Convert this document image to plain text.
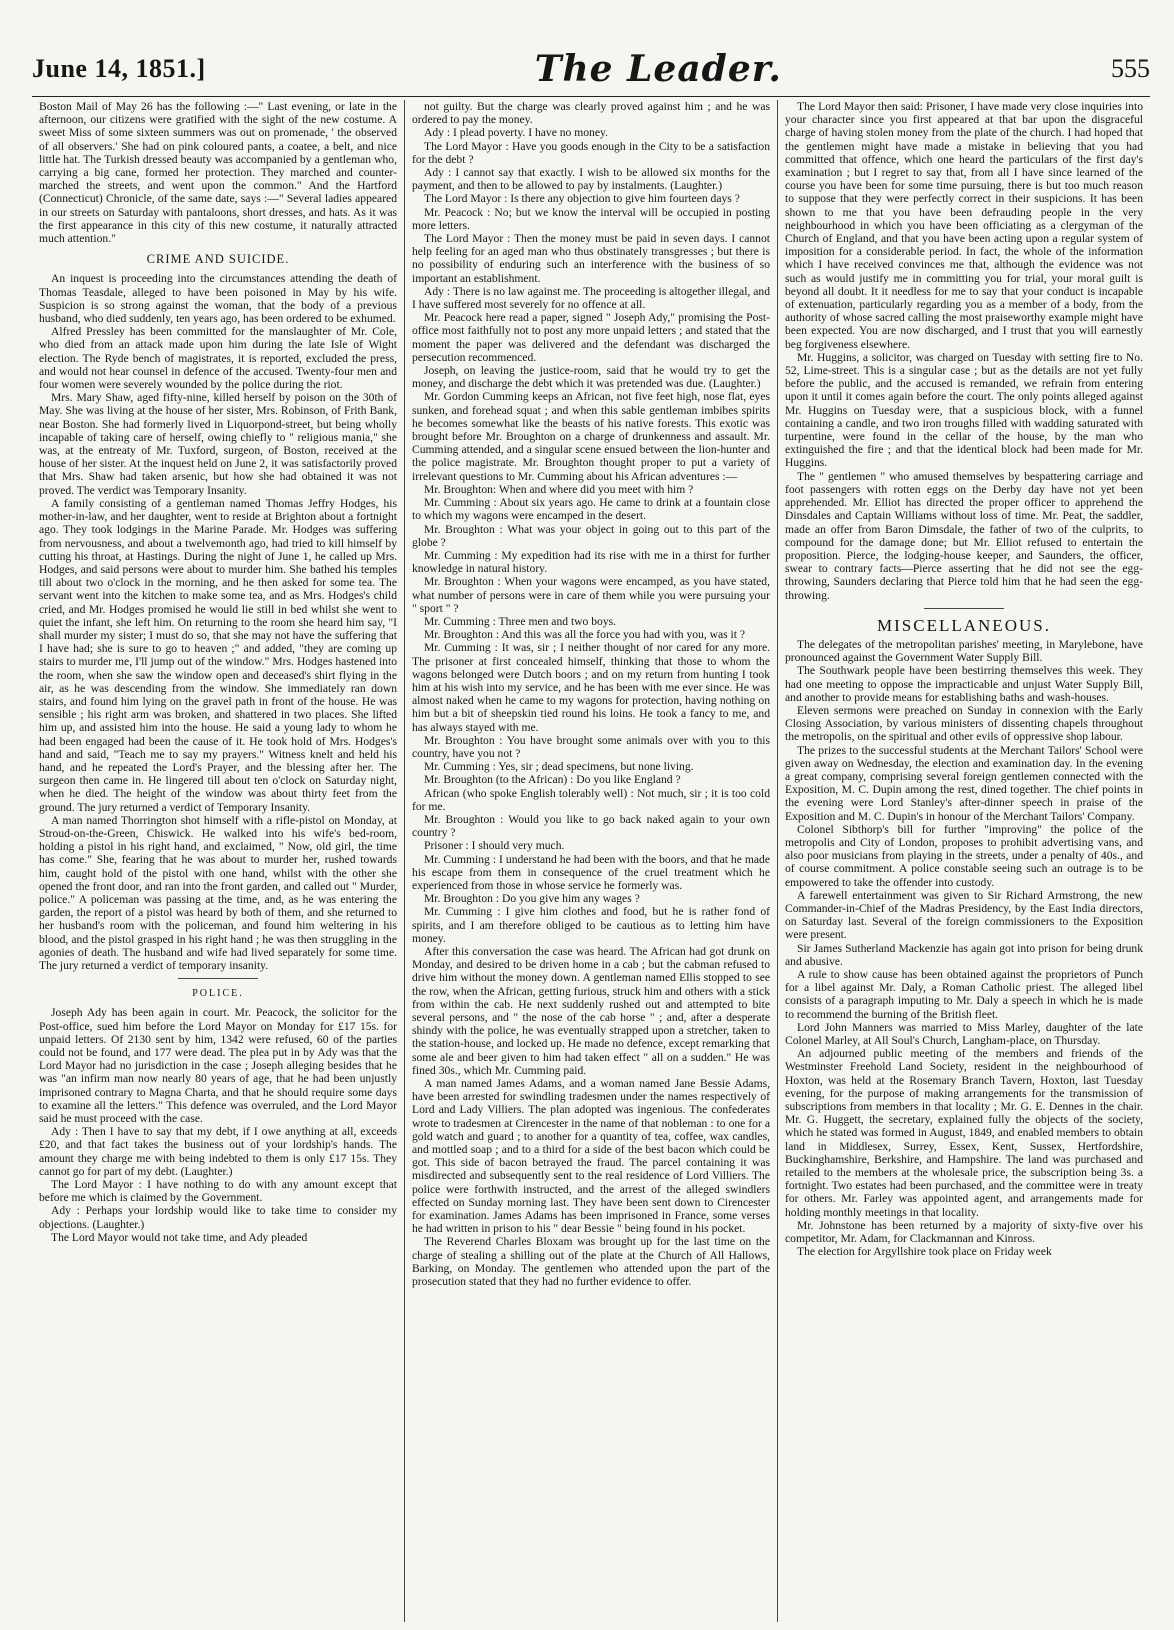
June 14, 1851.]	The Leader.	555

Boston Mail of May 26 has the following :—" Last evening, or late in the afternoon, our citizens were gratified with the sight of the new costume. A sweet Miss of some sixteen summers was out on promenade, ' the observed of all observers.' She had on pink coloured pants, a coatee, a belt, and nice little hat. The Turkish dressed beauty was accompanied by a gentleman who, carrying a big cane, formed her protection. They marched and counter-marched the streets, and went upon the common." And the Hartford (Connecticut) Chronicle, of the same date, says :—" Several ladies appeared in our streets on Saturday with pantaloons, short dresses, and hats. As it was the first appearance in this city of this new costume, it naturally attracted much attention."

CRIME AND SUICIDE.

An inquest is proceeding into the circumstances attending the death of Thomas Teasdale, alleged to have been poisoned in May by his wife. Suspicion is so strong against the woman, that the body of a previous husband, who died suddenly, ten years ago, has been ordered to be exhumed.

Alfred Pressley has been committed for the manslaughter of Mr. Cole, who died from an attack made upon him during the late Isle of Wight election. The Ryde bench of magistrates, it is reported, excluded the press, and would not hear counsel in defence of the accused. Twenty-four men and four women were severely wounded by the police during the riot.

Mrs. Mary Shaw, aged fifty-nine, killed herself by poison on the 30th of May. She was living at the house of her sister, Mrs. Robinson, of Frith Bank, near Boston. She had formerly lived in Liquorpond-street, but being wholly incapable of taking care of herself, owing chiefly to " religious mania," she was, at the entreaty of Mr. Tuxford, surgeon, of Boston, received at the house of her sister. At the inquest held on June 2, it was satisfactorily proved that Mrs. Shaw had taken arsenic, but how she had obtained it was not proved. The verdict was Temporary Insanity.

A family consisting of a gentleman named Thomas Jeffry Hodges, his mother-in-law, and her daughter, went to reside at Brighton about a fortnight ago. They took lodgings in the Marine Parade. Mr. Hodges was suffering from nervousness, and about a twelvemonth ago, had tried to kill himself by cutting his throat, at Hastings. During the night of June 1, he called up Mrs. Hodges, and said persons were about to murder him. She bathed his temples till about two o'clock in the morning, and he then asked for some tea. The servant went into the kitchen to make some tea, and as Mrs. Hodges's child cried, and Mr. Hodges promised he would lie still in bed whilst she went to quiet the infant, she left him. On returning to the room she heard him say, "I shall murder my sister; I must do so, that she may not have the suffering that I have had; she is sure to go to heaven ;" and added, "they are coming up stairs to murder me, I'll jump out of the window." Mrs. Hodges hastened into the room, when she saw the window open and deceased's shirt flying in the air, as he was descending from the window. She immediately ran down stairs, and found him lying on the gravel path in front of the house. He was sensible ; his right arm was broken, and shattered in two places. She lifted him up, and assisted him into the house. He said a young lady to whom he had been engaged had been the cause of it. He took hold of Mrs. Hodges's hand and said, "Teach me to say my prayers." Witness knelt and held his hand, and he repeated the Lord's Prayer, and the blessing after her. The surgeon then came in. He lingered till about ten o'clock on Saturday night, when he died. The height of the window was about thirty feet from the ground. The jury returned a verdict of Temporary Insanity.

A man named Thorrington shot himself with a rifle-pistol on Monday, at Stroud-on-the-Green, Chiswick. He walked into his wife's bed-room, holding a pistol in his right hand, and exclaimed, " Now, old girl, the time has come." She, fearing that he was about to murder her, rushed towards him, caught hold of the pistol with one hand, whilst with the other she opened the front door, and ran into the front garden, and called out " Murder, police." A policeman was passing at the time, and, as he was entering the garden, the report of a pistol was heard by both of them, and she returned to her husband's room with the policeman, and found him weltering in his blood, and the pistol grasped in his right hand ; he was then struggling in the agonies of death. The husband and wife had lived separately for some time. The jury returned a verdict of temporary insanity.

POLICE.

Joseph Ady has been again in court. Mr. Peacock, the solicitor for the Post-office, sued him before the Lord Mayor on Monday for £17 15s. for unpaid letters. Of 2130 sent by him, 1342 were refused, 60 of the parties could not be found, and 177 were dead. The plea put in by Ady was that the Lord Mayor had no jurisdiction in the case ; Joseph alleging besides that he was "an infirm man now nearly 80 years of age, that he had been unjustly imprisoned contrary to Magna Charta, and that he should require some days to examine all the letters." This defence was overruled, and the Lord Mayor said he must proceed with the case.

Ady : Then I have to say that my debt, if I owe anything at all, exceeds £20, and that fact takes the business out of your lordship's hands. The amount they charge me with being indebted to them is only £17 15s. They cannot go for part of my debt. (Laughter.)

The Lord Mayor : I have nothing to do with any amount except that before me which is claimed by the Government.

Ady : Perhaps your lordship would like to take time to consider my objections. (Laughter.)

The Lord Mayor would not take time, and Ady pleaded

not guilty. But the charge was clearly proved against him ; and he was ordered to pay the money.

Ady : I plead poverty. I have no money.

The Lord Mayor : Have you goods enough in the City to be a satisfaction for the debt ?

Ady : I cannot say that exactly. I wish to be allowed six months for the payment, and then to be allowed to pay by instalments. (Laughter.)

The Lord Mayor : Is there any objection to give him fourteen days ?

Mr. Peacock : No; but we know the interval will be occupied in posting more letters.

The Lord Mayor : Then the money must be paid in seven days. I cannot help feeling for an aged man who thus obstinately transgresses ; but there is no possibility of enduring such an interference with the business of so important an establishment.

Ady : There is no law against me. The proceeding is altogether illegal, and I have suffered most severely for no offence at all.

Mr. Peacock here read a paper, signed " Joseph Ady," promising the Post-office most faithfully not to post any more unpaid letters ; and stated that the moment the paper was delivered and the defendant was discharged the persecution recommenced.

Joseph, on leaving the justice-room, said that he would try to get the money, and discharge the debt which it was pretended was due. (Laughter.)

Mr. Gordon Cumming keeps an African, not five feet high, nose flat, eyes sunken, and forehead squat ; and when this sable gentleman imbibes spirits he becomes somewhat like the beasts of his native forests. This exotic was brought before Mr. Broughton on a charge of drunkenness and assault. Mr. Cumming attended, and a singular scene ensued between the lion-hunter and the police magistrate. Mr. Broughton thought proper to put a variety of irrelevant questions to Mr. Cumming about his African adventures :—

Mr. Broughton: When and where did you meet with him ?

Mr. Cumming : About six years ago. He came to drink at a fountain close to which my wagons were encamped in the desert.

Mr. Broughton : What was your object in going out to this part of the globe ?

Mr. Cumming : My expedition had its rise with me in a thirst for further knowledge in natural history.

Mr. Broughton : When your wagons were encamped, as you have stated, what number of persons were in care of them while you were pursuing your " sport " ?

Mr. Cumming : Three men and two boys.

Mr. Broughton : And this was all the force you had with you, was it ?

Mr. Cumming : It was, sir ; I neither thought of nor cared for any more. The prisoner at first concealed himself, thinking that those to whom the wagons belonged were Dutch boors ; and on my return from hunting I took him at his wish into my service, and he has been with me ever since. He was almost naked when he came to my wagons for protection, having nothing on him but a bit of sheepskin tied round his loins. He took a fancy to me, and has always stayed with me.

Mr. Broughton : You have brought some animals over with you to this country, have you not ?

Mr. Cumming : Yes, sir ; dead specimens, but none living.

Mr. Broughton (to the African) : Do you like England ?

African (who spoke English tolerably well) : Not much, sir ; it is too cold for me.

Mr. Broughton : Would you like to go back naked again to your own country ?

Prisoner : I should very much.

Mr. Cumming : I understand he had been with the boors, and that he made his escape from them in consequence of the cruel treatment which he experienced from those in whose service he formerly was.

Mr. Broughton : Do you give him any wages ?

Mr. Cumming : I give him clothes and food, but he is rather fond of spirits, and I am therefore obliged to be cautious as to letting him have money.

After this conversation the case was heard. The African had got drunk on Monday, and desired to be driven home in a cab ; but the cabman refused to drive him without the money down. A gentleman named Ellis stopped to see the row, when the African, getting furious, struck him and others with a stick from within the cab. He next suddenly rushed out and attempted to bite several persons, and " the nose of the cab horse " ; and, after a desperate shindy with the police, he was eventually strapped upon a stretcher, taken to the station-house, and locked up. He made no defence, except remarking that some ale and beer given to him had taken effect " all on a sudden." He was fined 30s., which Mr. Cumming paid.

A man named James Adams, and a woman named Jane Bessie Adams, have been arrested for swindling tradesmen under the names respectively of Lord and Lady Villiers. The plan adopted was ingenious. The confederates wrote to tradesmen at Cirencester in the name of that nobleman : to one for a gold watch and guard ; to another for a quantity of tea, coffee, wax candles, and mottled soap ; and to a third for a side of the best bacon which could be got. This side of bacon betrayed the fraud. The parcel containing it was misdirected and subsequently sent to the real residence of Lord Villiers. The police were forthwith instructed, and the arrest of the alleged swindlers effected on Sunday morning last. They have been sent down to Cirencester for examination. James Adams has been imprisoned in France, some verses he had written in prison to his " dear Bessie " being found in his pocket.

The Reverend Charles Bloxam was brought up for the last time on the charge of stealing a shilling out of the plate at the Church of All Hallows, Barking, on Monday. The gentlemen who attended upon the part of the prosecution stated that they had no further evidence to offer.

The Lord Mayor then said: Prisoner, I have made very close inquiries into your character since you first appeared at that bar upon the disgraceful charge of having stolen money from the plate of the church. I had hoped that the gentlemen might have made a mistake in believing that you had committed that offence, which one heard the particulars of the first day's examination ; but I regret to say that, from all I have since learned of the course you have been for some time pursuing, there is but too much reason to suppose that they were perfectly correct in their suspicions. It has been shown to me that you have been defrauding people in the very neighbourhood in which you have been officiating as a clergyman of the Church of England, and that you have been acting upon a regular system of imposition for a considerable period. In fact, the whole of the information which I have received convinces me that, although the evidence was not such as would justify me in committing you for trial, your moral guilt is beyond all doubt. It it needless for me to say that your conduct is incapable of extenuation, particularly regarding you as a member of a body, from the authority of whose sacred calling the most praiseworthy example might have been expected. You are now discharged, and I trust that you will earnestly beg forgiveness elsewhere.

Mr. Huggins, a solicitor, was charged on Tuesday with setting fire to No. 52, Lime-street. This is a singular case ; but as the details are not yet fully before the public, and the accused is remanded, we refrain from entering upon it until it comes again before the court. The only points alleged against Mr. Huggins on Tuesday were, that a suspicious block, with a funnel containing a candle, and two iron troughs filled with wadding saturated with turpentine, were found in the cellar of the house, by the man who extinguished the fire ; and that the identical block had been made for Mr. Huggins.

The " gentlemen " who amused themselves by bespattering carriage and foot passengers with rotten eggs on the Derby day have not yet been apprehended. Mr. Elliot has directed the proper officer to apprehend the Dinsdales and Captain Williams without loss of time. Mr. Peat, the saddler, made an offer from Baron Dimsdale, the father of two of the culprits, to compound for the damage done; but Mr. Elliot refused to entertain the proposition. Pierce, the lodging-house keeper, and Saunders, the officer, swear to contrary facts—Pierce asserting that he did not see the egg-throwing, Saunders declaring that Pierce told him that he had seen the egg-throwing.

MISCELLANEOUS.

The delegates of the metropolitan parishes' meeting, in Marylebone, have pronounced against the Government Water Supply Bill.

The Southwark people have been bestirring themselves this week. They had one meeting to oppose the impracticable and unjust Water Supply Bill, and another to provide means for establishing baths and wash-houses.

Eleven sermons were preached on Sunday in connexion with the Early Closing Association, by various ministers of dissenting chapels throughout the metropolis, on the spiritual and other evils of oppressive shop labour.

The prizes to the successful students at the Merchant Tailors' School were given away on Wednesday, the election and examination day. In the evening a great company, comprising several foreign gentlemen connected with the Exposition, M. C. Dupin among the rest, dined together. The chief points in the evening were Lord Stanley's after-dinner speech in praise of the Exposition and M. C. Dupin's in honour of the Merchant Tailors' Company.

Colonel Sibthorp's bill for further "improving" the police of the metropolis and City of London, proposes to prohibit advertising vans, and also poor musicians from playing in the streets, under a penalty of 40s., and of course commitment. A police constable seeing such an outrage is to be empowered to take the offender into custody.

A farewell entertainment was given to Sir Richard Armstrong, the new Commander-in-Chief of the Madras Presidency, by the East India directors, on Saturday last. Several of the foreign commissioners to the Exposition were present.

Sir James Sutherland Mackenzie has again got into prison for being drunk and abusive.

A rule to show cause has been obtained against the proprietors of Punch for a libel against Mr. Daly, a Roman Catholic priest. The alleged libel consists of a paragraph imputing to Mr. Daly a speech in which he is made to recommend the burning of the British fleet.

Lord John Manners was married to Miss Marley, daughter of the late Colonel Marley, at All Soul's Church, Langham-place, on Thursday.

An adjourned public meeting of the members and friends of the Westminster Freehold Land Society, resident in the neighbourhood of Hoxton, was held at the Rosemary Branch Tavern, Hoxton, last Tuesday evening, for the purpose of making arrangements for the transmission of subscriptions from members in that locality ; Mr. G. E. Dennes in the chair. Mr. G. Huggett, the secretary, explained fully the objects of the society, which he stated was formed in August, 1849, and enabled members to obtain land in Middlesex, Surrey, Essex, Kent, Sussex, Hertfordshire, Buckinghamshire, Berkshire, and Hampshire. The land was purchased and retailed to the members at the wholesale price, the subscription being 3s. a fortnight. Two estates had been purchased, and the committee were in treaty for others. Mr. Farley was appointed agent, and arrangements made for holding monthly meetings in that locality.

Mr. Johnstone has been returned by a majority of sixty-five over his competitor, Mr. Adam, for Clackmannan and Kinross.

The election for Argyllshire took place on Friday week
